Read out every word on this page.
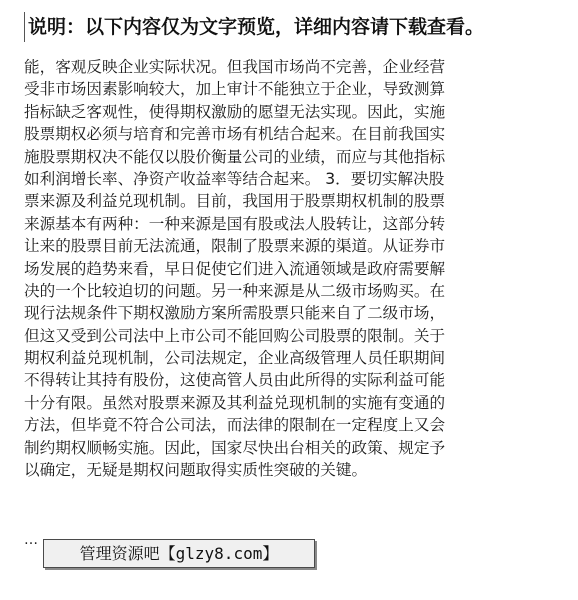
说明：以下内容仅为文字预览，详细内容请下载查看。
能，客观反映企业实际状况。但我国市场尚不完善，企业经营
受非市场因素影响较大，加上审计不能独立于企业，导致测算
指标缺乏客观性，使得期权激励的愿望无法实现。因此，实施
股票期权必须与培育和完善市场有机结合起来。在目前我国实
施股票期权决不能仅以股价衡量公司的业绩，而应与其他指标
如利润增长率、净资产收益率等结合起来。 3．要切实解决股
票来源及利益兑现机制。目前，我国用于股票期权机制的股票
来源基本有两种：一种来源是国有股或法人股转让，这部分转
让来的股票目前无法流通，限制了股票来源的渠道。从证券市
场发展的趋势来看，早日促使它们进入流通领域是政府需要解
决的一个比较迫切的问题。另一种来源是从二级市场购买。在
现行法规条件下期权激励方案所需股票只能来自了二级市场，
但这又受到公司法中上市公司不能回购公司股票的限制。关于
期权利益兑现机制，公司法规定，企业高级管理人员任职期间
不得转让其持有股份，这使高管人员由此所得的实际利益可能
十分有限。虽然对股票来源及其利益兑现机制的实施有变通的
方法，但毕竟不符合公司法，而法律的限制在一定程度上又会
制约期权顺畅实施。因此，国家尽快出台相关的政策、规定予
以确定，无疑是期权问题取得实质性突破的关键。
…
管理资源吧【glzy8.com】
